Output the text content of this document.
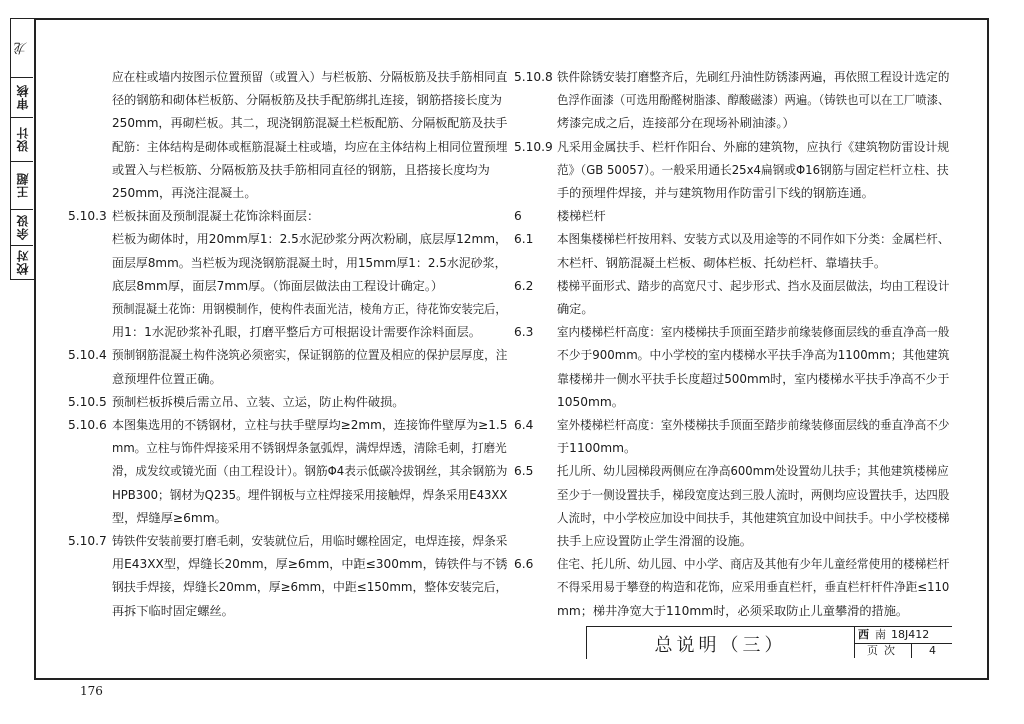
龙
审核
设计
王超
余设
校对
应在柱或墙内按图示位置预留（或置入）与栏板筋、分隔板筋及扶手筋相同直
径的钢筋和砌体栏板筋、分隔板筋及扶手配筋绑扎连接，钢筋搭接长度为
250mm，再砌栏板。其二，现浇钢筋混凝土栏板配筋、分隔板配筋及扶手
配筋：主体结构是砌体或框筋混凝土柱或墙，均应在主体结构上相同位置预埋
或置入与栏板筋、分隔板筋及扶手筋相同直径的钢筋，且搭接长度均为
250mm，再浇注混凝土。
5.10.3 栏板抹面及预制混凝土花饰涂料面层：
栏板为砌体时，用20mm厚1：2.5水泥砂浆分两次粉刷，底层厚12mm，
面层厚8mm。当栏板为现浇钢筋混凝土时，用15mm厚1：2.5水泥砂浆，
底层8mm厚，面层7mm厚。（饰面层做法由工程设计确定。）
预制混凝土花饰：用钢模制作，使构件表面光洁，棱角方正，待花饰安装完后，
用1：1水泥砂浆补孔眼，打磨平整后方可根据设计需要作涂料面层。
5.10.4 预制钢筋混凝土构件浇筑必须密实，保证钢筋的位置及相应的保护层厚度，注
意预埋件位置正确。
5.10.5 预制栏板拆模后需立吊、立装、立运，防止构件破损。
5.10.6 本图集选用的不锈钢材，立柱与扶手壁厚均≥2mm，连接饰件壁厚为≥1.5
mm。立柱与饰件焊接采用不锈钢焊条氩弧焊，满焊焊透，清除毛刺，打磨光
滑，成发纹或镜光面（由工程设计）。钢筋Φ4表示低碳冷拔钢丝，其余钢筋为
HPB300；钢材为Q235。埋件钢板与立柱焊接采用接触焊，焊条采用E43XX
型，焊缝厚≥6mm。
5.10.7 铸铁件安装前要打磨毛刺，安装就位后，用临时螺栓固定，电焊连接，焊条采
用E43XX型，焊缝长20mm，厚≥6mm，中距≤300mm，铸铁件与不锈
钢扶手焊接，焊缝长20mm，厚≥6mm，中距≤150mm，整体安装完后，
再拆下临时固定螺丝。
5.10.8 铁件除锈安装打磨整齐后，先刷红丹油性防锈漆两遍，再依照工程设计选定的
色浮作面漆（可选用酚醛树脂漆、醇酸磁漆）两遍。（铸铁也可以在工厂喷漆、
烤漆完成之后，连接部分在现场补刷油漆。）
5.10.9 凡采用金属扶手、栏杆作阳台、外廊的建筑物，应执行《建筑物防雷设计规
范》（GB 50057）。一般采用通长25x4扁钢或Φ16钢筋与固定栏杆立柱、扶
手的预埋件焊接，并与建筑物用作防雷引下线的钢筋连通。
6	楼梯栏杆
6.1 本图集楼梯栏杆按用料、安装方式以及用途等的不同作如下分类：金属栏杆、
木栏杆、钢筋混凝土栏板、砌体栏板、托幼栏杆、靠墙扶手。
6.2 楼梯平面形式、踏步的高宽尺寸、起步形式、挡水及面层做法，均由工程设计
确定。
6.3 室内楼梯栏杆高度：室内楼梯扶手顶面至踏步前缘装修面层线的垂直净高一般
不少于900mm。中小学校的室内楼梯水平扶手净高为1100mm；其他建筑
靠楼梯井一侧水平扶手长度超过500mm时，室内楼梯水平扶手净高不少于
1050mm。
6.4 室外楼梯栏杆高度：室外楼梯扶手顶面至踏步前缘装修面层线的垂直净高不少
于1100mm。
6.5 托儿所、幼儿园梯段两侧应在净高600mm处设置幼儿扶手；其他建筑楼梯应
至少于一侧设置扶手，梯段宽度达到三股人流时，两侧均应设置扶手，达四股
人流时，中小学校应加设中间扶手，其他建筑宜加设中间扶手。中小学校楼梯
扶手上应设置防止学生滑溜的设施。
6.6 住宅、托儿所、幼儿园、中小学、商店及其他有少年儿童经常使用的楼梯栏杆
不得采用易于攀登的构造和花饰，应采用垂直栏杆，垂直栏杆杆件净距≤110
mm；梯井净宽大于110mm时，必须采取防止儿童攀滑的措施。
总说明（三）	西 南 18J412
页次	4
176
